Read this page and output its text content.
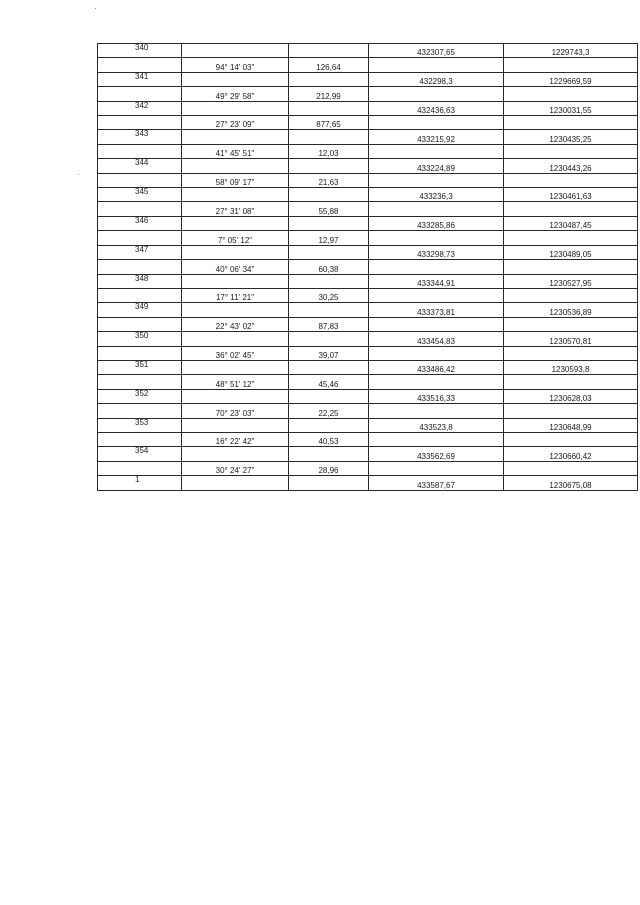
340			432307,65	1229743,3
	94° 14' 03"	126,64		
341			432298,3	1229669,59
	49° 29' 58"	212,99		
342			432436,63	1230031,55
	27° 23' 09"	877,65		
343			433215,92	1230435,25
	41° 45' 51"	12,03		
344			433224,89	1230443,26
	58° 09' 17"	21,63		
345			433236,3	1230461,63
	27° 31' 08"	55,88		
346			433285,86	1230487,45
	7° 05' 12"	12,97		
347			433298,73	1230489,05
	40° 06' 34"	60,38		
348			433344,91	1230527,95
	17° 11' 21"	30,25		
349			433373,81	1230536,89
	22° 43' 02"	87,83		
350			433454,83	1230570,81
	36° 02' 45"	39,07		
351			433486,42	1230593,8
	48° 51' 12"	45,46		
352			433516,33	1230628,03
	70° 23' 03"	22,25		
353			433523,8	1230648,99
	16° 22' 42"	40,53		
354			433562,69	1230660,42
	30° 24' 27"	28,96		
1			433587,67	1230675,08
